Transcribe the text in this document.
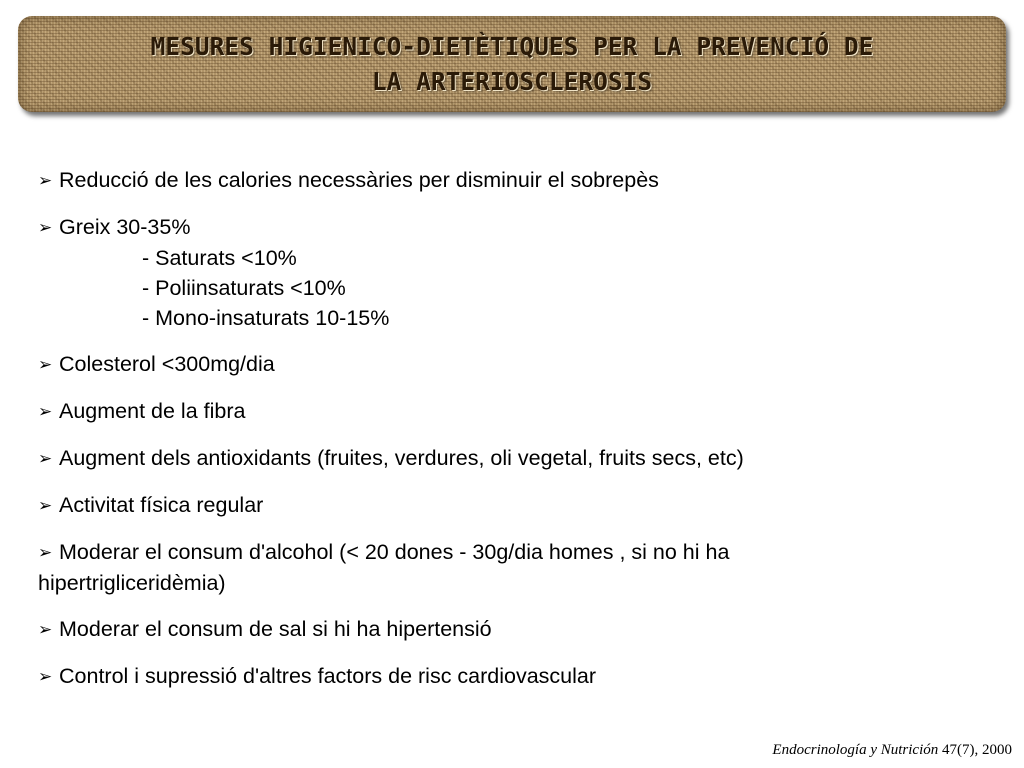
MESURES HIGIENICO-DIETÈTIQUES PER LA PREVENCIÓ DE
LA ARTERIOSCLEROSIS
➢ Reducció de les calories necessàries per disminuir el sobrepès
➢ Greix 30-35%
- Saturats <10%
- Poliinsaturats <10%
- Mono-insaturats 10-15%
➢ Colesterol <300mg/dia
➢ Augment de la fibra
➢ Augment dels antioxidants (fruites, verdures, oli vegetal, fruits secs, etc)
➢ Activitat física regular
➢ Moderar el consum d'alcohol (< 20 dones - 30g/dia homes , si no hi ha
hipertrigliceridèmia)
➢ Moderar el consum de sal si hi ha hipertensió
➢ Control i supressió d'altres factors de risc cardiovascular
Endocrinología y Nutrición 47(7), 2000
